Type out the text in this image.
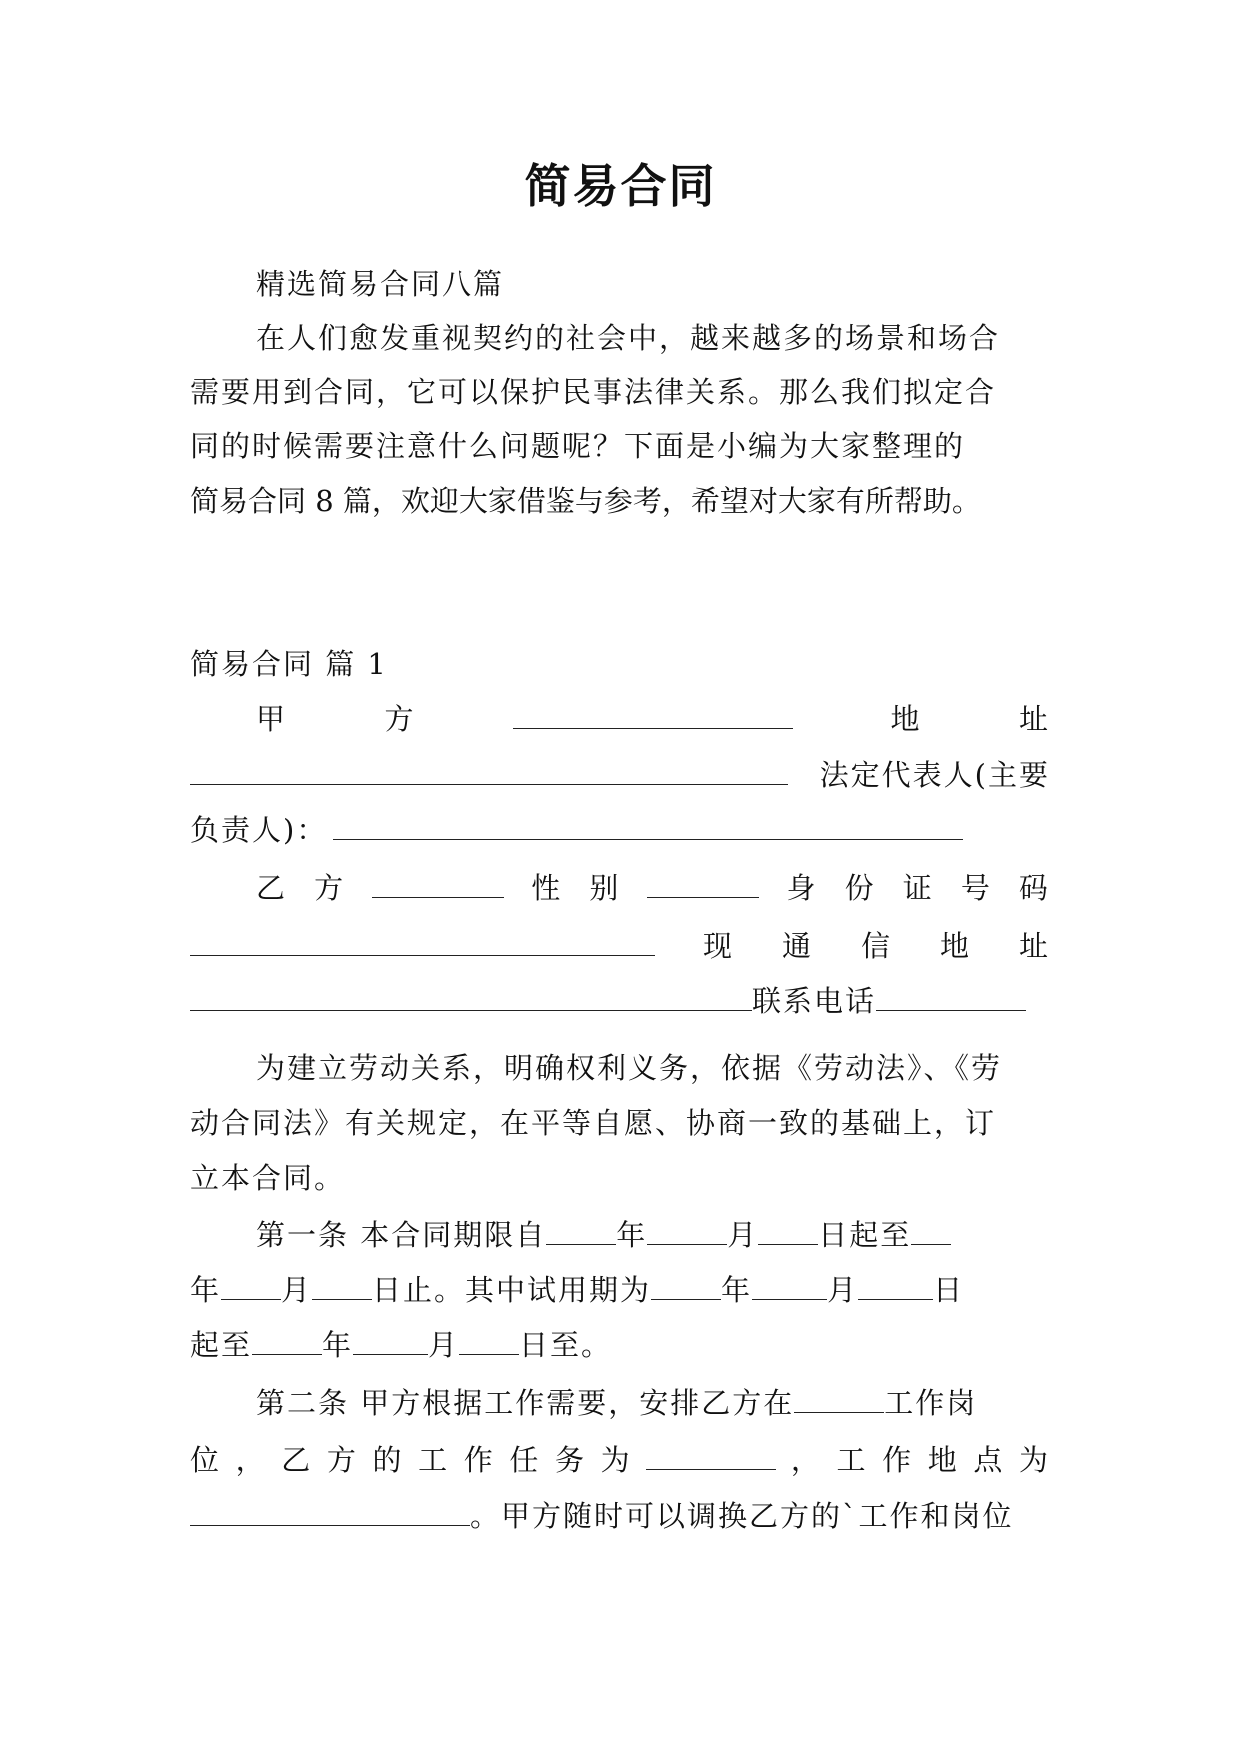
简易合同
精选简易合同八篇
在人们愈发重视契约的社会中，越来越多的场景和场合
需要用到合同，它可以保护民事法律关系。那么我们拟定合
同的时候需要注意什么问题呢？下面是小编为大家整理的
简易合同 8 篇，欢迎大家借鉴与参考，希望对大家有所帮助。
简易合同 篇 1
甲	方	地	址
法定代表人(主要
负责人)：
乙 方	性 别	身 份 证 号 码
现 通 信 地 址
联系电话
为建立劳动关系，明确权利义务，依据《劳动法》、《劳
动合同法》有关规定，在平等自愿、协商一致的基础上，订
立本合同。
第一条 本合同期限自 年	月 日起至
年 月 日止。其中试用期为 年	月	日
起至 年	月 日至。
第二条 甲方根据工作需要，安排乙方在	工作岗
位 ， 乙 方 的 工 作 任 务 为	， 工 作 地 点 为
。甲方随时可以调换乙方的`工作和岗位
